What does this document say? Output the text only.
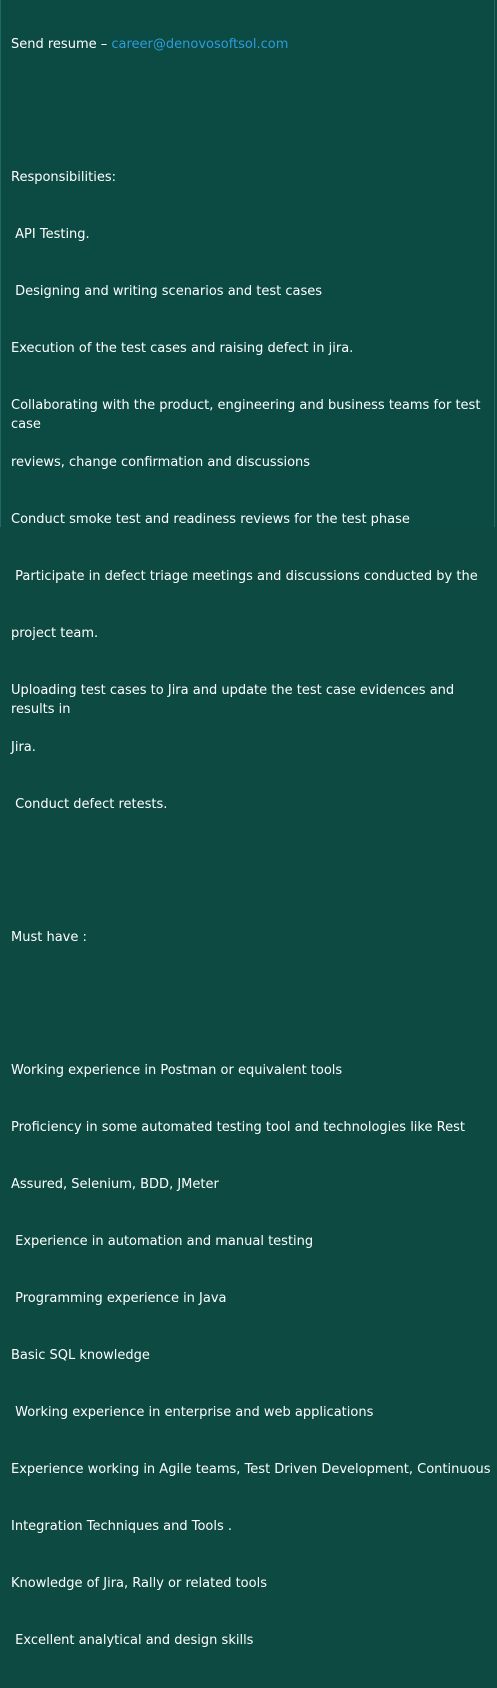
Send resume – career@denovosoftsol.com

Responsibilities:

API Testing.

Designing and writing scenarios and test cases

Execution of the test cases and raising defect in jira.

Collaborating with the product, engineering and business teams for test case

reviews, change confirmation and discussions

Conduct smoke test and readiness reviews for the test phase

Participate in defect triage meetings and discussions conducted by the

project team.

Uploading test cases to Jira and update the test case evidences and results in

Jira.

Conduct defect retests.

Must have :

Working experience in Postman or equivalent tools

Proficiency in some automated testing tool and technologies like Rest

Assured, Selenium, BDD, JMeter

Experience in automation and manual testing

Programming experience in Java

Basic SQL knowledge

Working experience in enterprise and web applications

Experience working in Agile teams, Test Driven Development, Continuous

Integration Techniques and Tools .

Knowledge of Jira, Rally or related tools

Excellent analytical and design skills
